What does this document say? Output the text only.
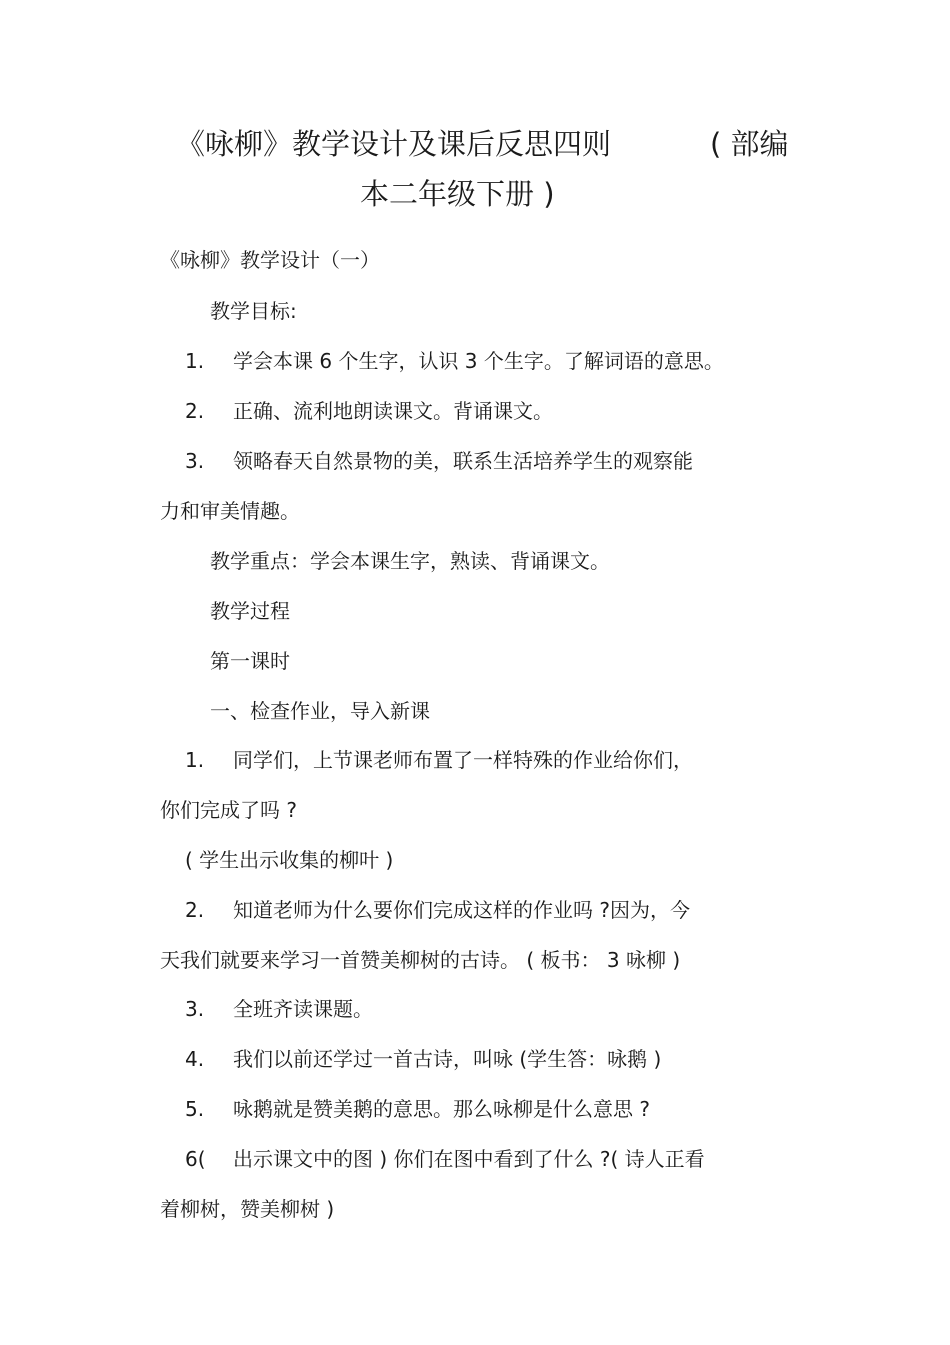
《咏柳》教学设计及课后反思四则	( 部编
本二年级下册 )
《咏柳》教学设计（一）
教学目标:
1. 学会本课 6 个生字，认识 3 个生字。了解词语的意思。
2. 正确、流利地朗读课文。背诵课文。
3. 领略春天自然景物的美，联系生活培养学生的观察能
力和审美情趣。
教学重点：学会本课生字，熟读、背诵课文。
教学过程
第一课时
一、检查作业，导入新课
1. 同学们，上节课老师布置了一样特殊的作业给你们，
你们完成了吗 ?
( 学生出示收集的柳叶 )
2. 知道老师为什么要你们完成这样的作业吗 ?因为，今
天我们就要来学习一首赞美柳树的古诗。 ( 板书： 3 咏柳 )
3. 全班齐读课题。
4. 我们以前还学过一首古诗，叫咏 (学生答：咏鹅 )
5. 咏鹅就是赞美鹅的意思。那么咏柳是什么意思 ?
6( 出示课文中的图 ) 你们在图中看到了什么 ?( 诗人正看
着柳树，赞美柳树 )
